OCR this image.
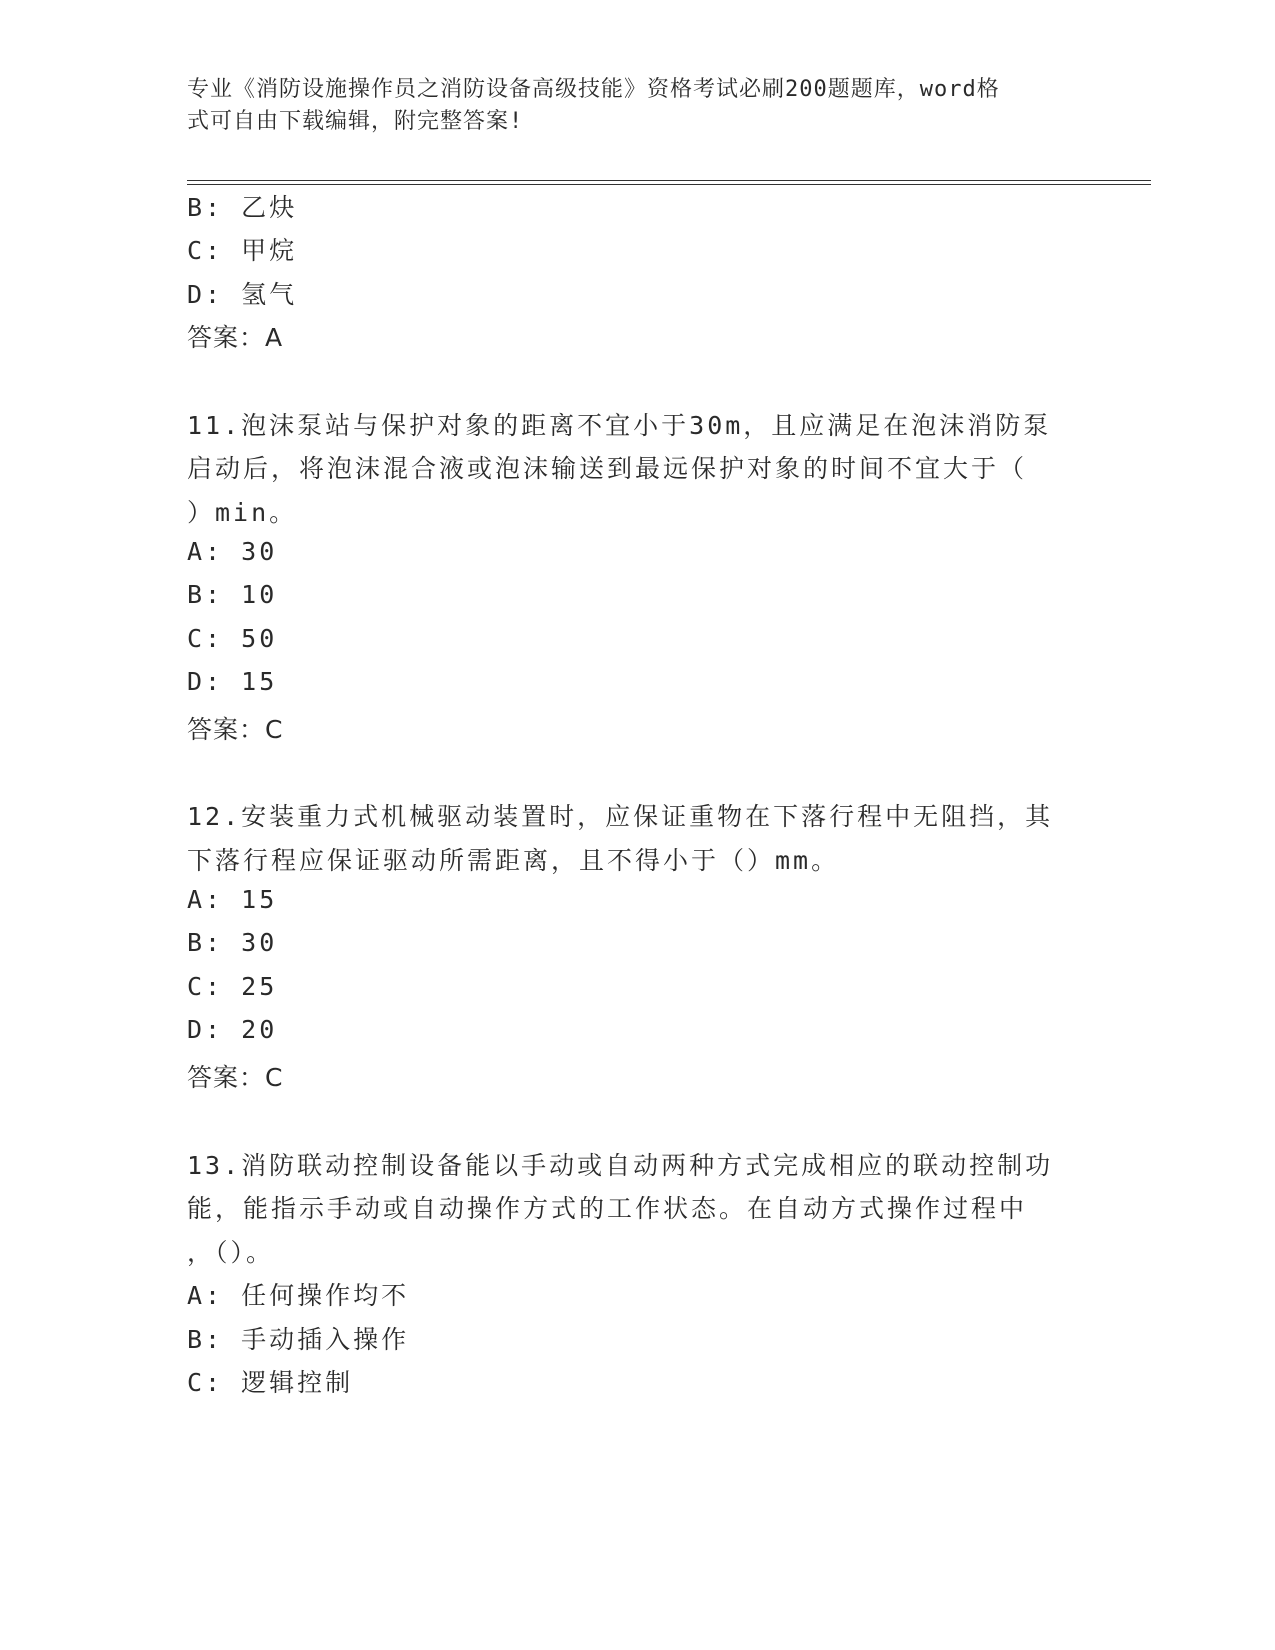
专业《消防设施操作员之消防设备高级技能》资格考试必刷200题题库，word格
式可自由下载编辑，附完整答案!
B: 乙炔
C: 甲烷
D: 氢气
答案：A
11.泡沫泵站与保护对象的距离不宜小于30m，且应满足在泡沫消防泵
启动后，将泡沫混合液或泡沫输送到最远保护对象的时间不宜大于（
）min。
A: 30
B: 10
C: 50
D: 15
答案：C
12.安装重力式机械驱动装置时，应保证重物在下落行程中无阻挡，其
下落行程应保证驱动所需距离，且不得小于（）mm。
A: 15
B: 30
C: 25
D: 20
答案：C
13.消防联动控制设备能以手动或自动两种方式完成相应的联动控制功
能，能指示手动或自动操作方式的工作状态。在自动方式操作过程中
，（）。
A: 任何操作均不
B: 手动插入操作
C: 逻辑控制
